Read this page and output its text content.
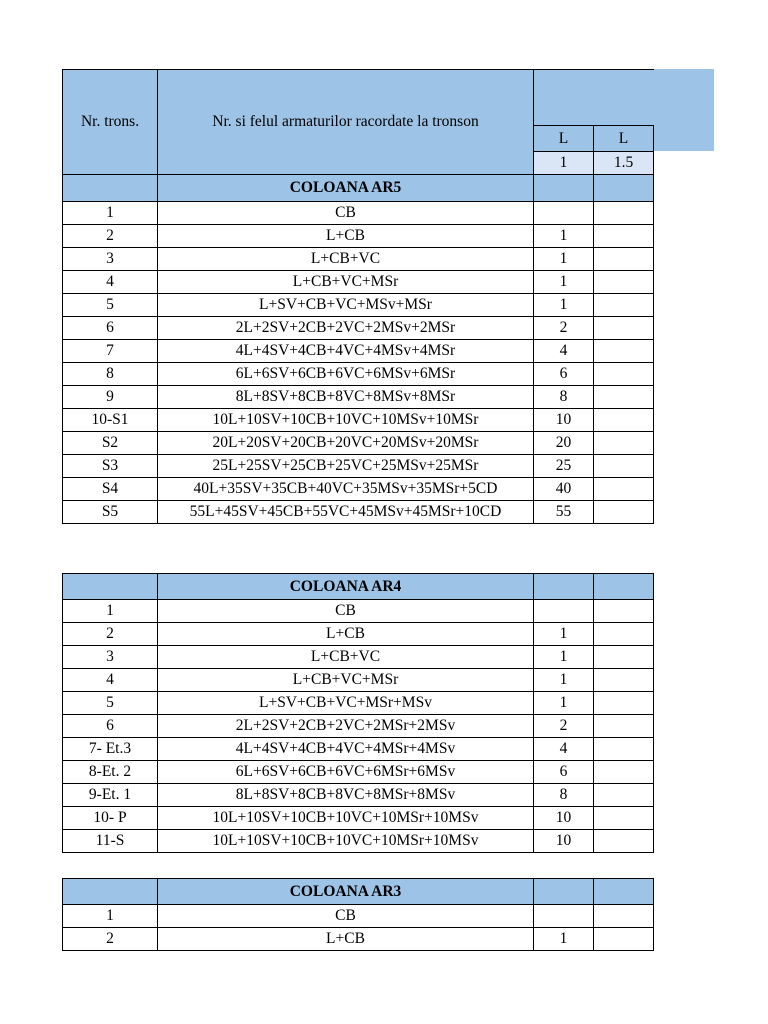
Nr. trons.	Nr. si felul armaturilor racordate la tronson		
		L	L
		1	1.5
	COLOANA AR5		
1	CB		
2	L+CB	1	
3	L+CB+VC	1	
4	L+CB+VC+MSr	1	
5	L+SV+CB+VC+MSv+MSr	1	
6	2L+2SV+2CB+2VC+2MSv+2MSr	2	
7	4L+4SV+4CB+4VC+4MSv+4MSr	4	
8	6L+6SV+6CB+6VC+6MSv+6MSr	6	
9	8L+8SV+8CB+8VC+8MSv+8MSr	8	
10-S1	10L+10SV+10CB+10VC+10MSv+10MSr	10	
S2	20L+20SV+20CB+20VC+20MSv+20MSr	20	
S3	25L+25SV+25CB+25VC+25MSv+25MSr	25	
S4	40L+35SV+35CB+40VC+35MSv+35MSr+5CD	40	
S5	55L+45SV+45CB+55VC+45MSv+45MSr+10CD	55	
	COLOANA AR4		
1	CB		
2	L+CB	1	
3	L+CB+VC	1	
4	L+CB+VC+MSr	1	
5	L+SV+CB+VC+MSr+MSv	1	
6	2L+2SV+2CB+2VC+2MSr+2MSv	2	
7- Et.3	4L+4SV+4CB+4VC+4MSr+4MSv	4	
8-Et. 2	6L+6SV+6CB+6VC+6MSr+6MSv	6	
9-Et. 1	8L+8SV+8CB+8VC+8MSr+8MSv	8	
10- P	10L+10SV+10CB+10VC+10MSr+10MSv	10	
11-S	10L+10SV+10CB+10VC+10MSr+10MSv	10	
	COLOANA AR3		
1	CB		
2	L+CB	1	
